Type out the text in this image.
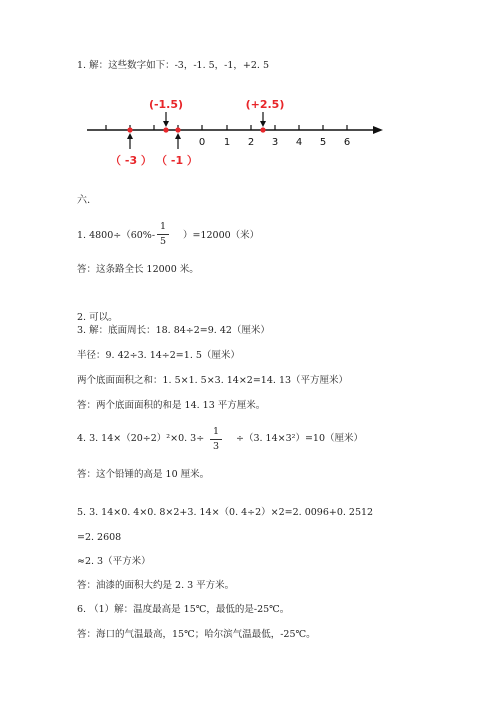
1. 解：这些数字如下：-3，-1. 5，-1，+2. 5
0 1 2 3 4 5 6
(-1.5)	(+2.5)
（ -3 ） （ -1 ）
六.
1. 4800÷（60%-
1
5
）=12000（米）
答：这条路全长 12000 米。
2. 可以。
3. 解：底面周长：18. 84÷2=9. 42（厘米）
半径：9. 42÷3. 14÷2=1. 5（厘米）
两个底面面积之和：1. 5×1. 5×3. 14×2=14. 13（平方厘米）
答：两个底面面积的和是 14. 13 平方厘米。
4. 3. 14×（20÷2）²×0. 3÷
1
3
÷（3. 14×3²）=10（厘米）
答：这个铅锤的高是 10 厘米。
5. 3. 14×0. 4×0. 8×2+3. 14×（0. 4÷2）×2=2. 0096+0. 2512
=2. 2608
≈2. 3（平方米）
答：油漆的面积大约是 2. 3 平方米。
6. （1）解：温度最高是 15℃，最低的是-25℃。
答：海口的气温最高，15℃；哈尔滨气温最低，-25℃。
